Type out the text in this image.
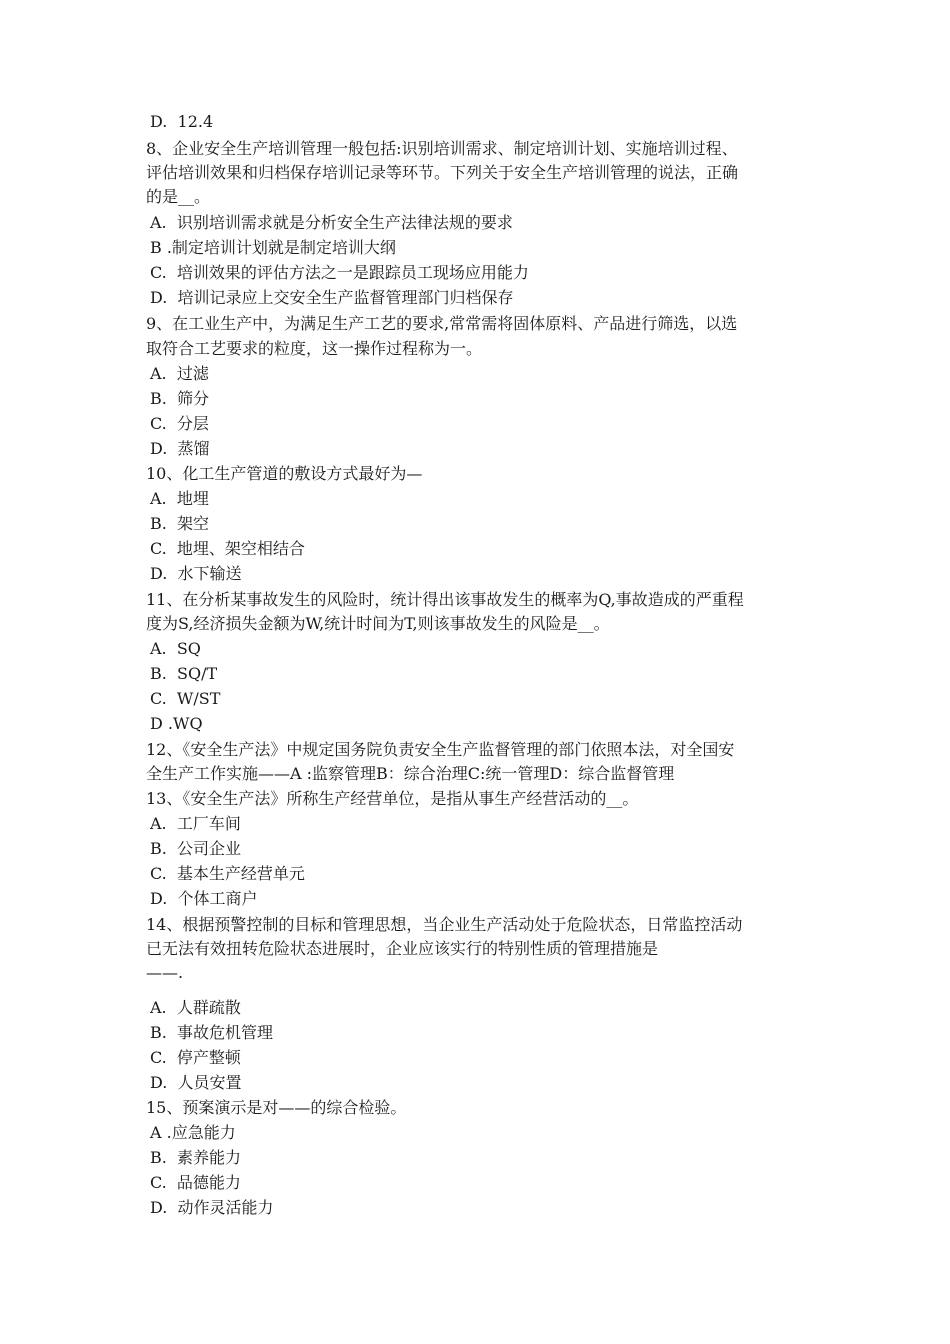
D.  12.4
8、企业安全生产培训管理一般包括:识别培训需求、制定培训计划、实施培训过程、
评估培训效果和归档保存培训记录等环节。下列关于安全生产培训管理的说法，正确
的是__。
A.  识别培训需求就是分析安全生产法律法规的要求
B .制定培训计划就是制定培训大纲
C.  培训效果的评估方法之一是跟踪员工现场应用能力
D.  培训记录应上交安全生产监督管理部门归档保存
9、在工业生产中，为满足生产工艺的要求,常常需将固体原料、产品进行筛选，以选
取符合工艺要求的粒度，这一操作过程称为一。
A.  过滤
B.  筛分
C.  分层
D.  蒸馏
10、化工生产管道的敷设方式最好为—
A.  地埋
B.  架空
C.  地埋、架空相结合
D.  水下输送
11、在分析某事故发生的风险时，统计得出该事故发生的概率为Q,事故造成的严重程
度为S,经济损失金额为W,统计时间为T,则该事故发生的风险是__。
A.  SQ
B.  SQ/T
C.  W/ST
D .WQ
12、《安全生产法》中规定国务院负责安全生产监督管理的部门依照本法，对全国安
全生产工作实施——A :监察管理B：综合治理C:统一管理D：综合监督管理
13、《安全生产法》所称生产经营单位，是指从事生产经营活动的__。
A.  工厂车间
B.  公司企业
C.  基本生产经营单元
D.  个体工商户
14、根据预警控制的目标和管理思想，当企业生产活动处于危险状态，日常监控活动
已无法有效扭转危险状态进展时，企业应该实行的特别性质的管理措施是
——.
A.  人群疏散
B.  事故危机管理
C.  停产整顿
D.  人员安置
15、预案演示是对——的综合检验。
A .应急能力
B.  素养能力
C.  品德能力
D.  动作灵活能力
